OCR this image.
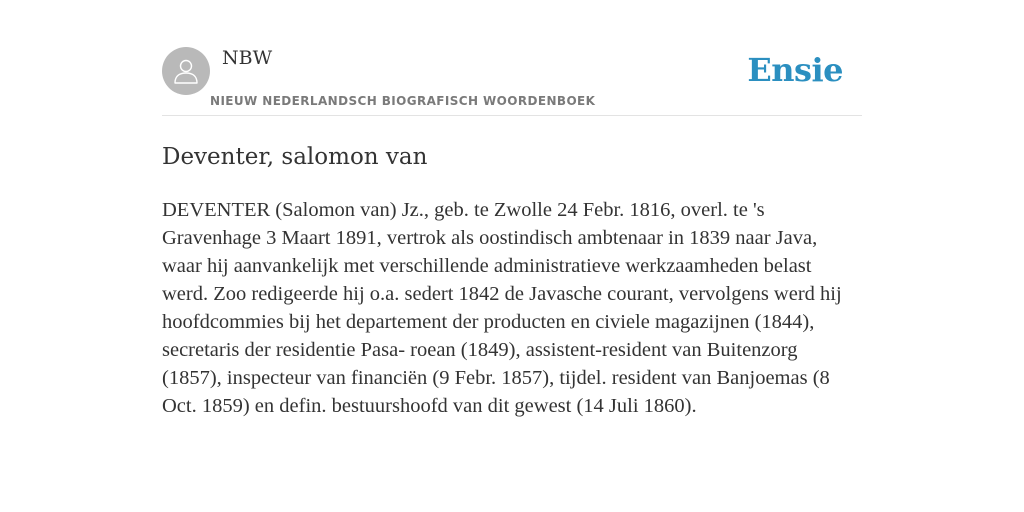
NBW
NIEUW NEDERLANDSCH BIOGRAFISCH WOORDENBOEK
Ensie
Deventer, salomon van

DEVENTER (Salomon van) Jz., geb. te Zwolle 24 Febr. 1816, overl. te 's Gravenhage 3 Maart 1891, vertrok als oostindisch ambtenaar in 1839 naar Java, waar hij aanvankelijk met verschillende administratieve werkzaamheden belast werd. Zoo redigeerde hij o.a. sedert 1842 de Javasche courant, vervolgens werd hij hoofdcommies bij het departement der producten en civiele magazijnen (1844), secretaris der residentie Pasa- roean (1849), assistent-resident van Buitenzorg (1857), inspecteur van financiën (9 Febr. 1857), tijdel. resident van Banjoemas (8 Oct. 1859) en defin. bestuurshoofd van dit gewest (14 Juli 1860).
